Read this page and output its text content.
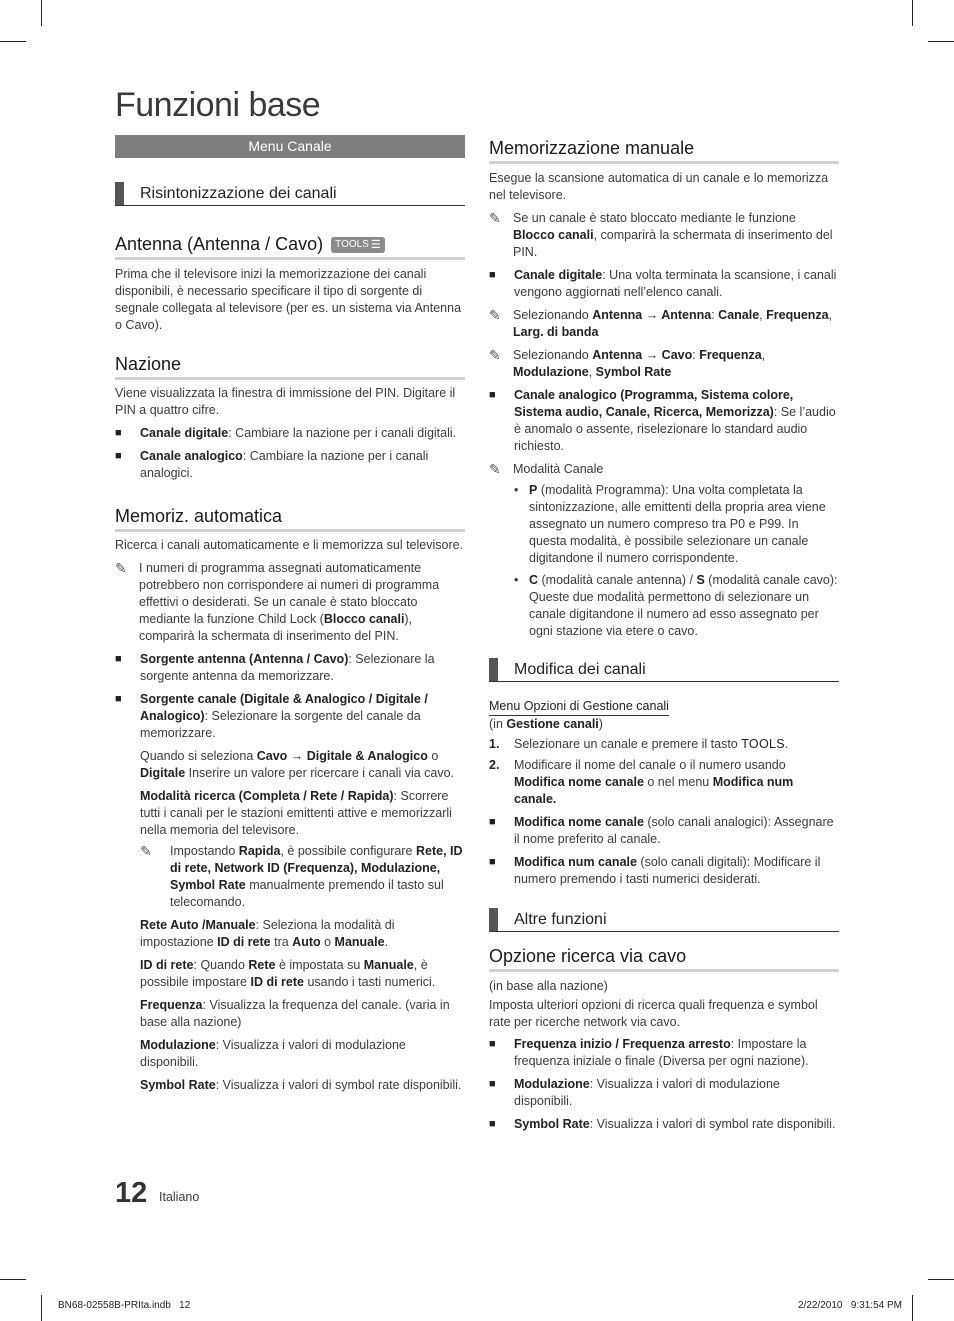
Funzioni base
Menu Canale
Risintonizzazione dei canali
Antenna (Antenna / Cavo) TOOLS ☰

Prima che il televisore inizi la memorizzazione dei canali disponibili, è necessario specificare il tipo di sorgente di segnale collegata al televisore (per es. un sistema via Antenna o Cavo).

Nazione

Viene visualizzata la finestra di immissione del PIN. Digitare il PIN a quattro cifre.

■	Canale digitale: Cambiare la nazione per i canali digitali.
■	Canale analogico: Cambiare la nazione per i canali analogici.
Memoriz. automatica

Ricerca i canali automaticamente e li memorizza sul televisore.

✎ I numeri di programma assegnati automaticamente potrebbero non corrispondere ai numeri di programma effettivi o desiderati. Se un canale è stato bloccato mediante la funzione Child Lock (Blocco canali), comparirà la schermata di inserimento del PIN.
■	Sorgente antenna (Antenna / Cavo): Selezionare la sorgente antenna da memorizzare.
■	Sorgente canale (Digitale & Analogico / Digitale / Analogico): Selezionare la sorgente del canale da memorizzare.

Quando si seleziona Cavo → Digitale & Analogico o Digitale Inserire un valore per ricercare i canali via cavo.

Modalità ricerca (Completa / Rete / Rapida): Scorrere tutti i canali per le stazioni emittenti attive e memorizzarli nella memoria del televisore.

✎	Impostando Rapida, è possibile configurare Rete, ID di rete, Network ID (Frequenza), Modulazione, Symbol Rate manualmente premendo il tasto sul telecomando.

Rete Auto /Manuale: Seleziona la modalità di impostazione ID di rete tra Auto o Manuale.

ID di rete: Quando Rete è impostata su Manuale, è possibile impostare ID di rete usando i tasti numerici.

Frequenza: Visualizza la frequenza del canale. (varia in base alla nazione)

Modulazione: Visualizza i valori di modulazione disponibili.

Symbol Rate: Visualizza i valori di symbol rate disponibili.

Memorizzazione manuale

Esegue la scansione automatica di un canale e lo memorizza nel televisore.

✎ Se un canale è stato bloccato mediante le funzione Blocco canali, comparirà la schermata di inserimento del PIN.
■	Canale digitale: Una volta terminata la scansione, i canali vengono aggiornati nell’elenco canali.
✎ Selezionando Antenna → Antenna: Canale, Frequenza, Larg. di banda
✎ Selezionando Antenna → Cavo: Frequenza, Modulazione, Symbol Rate
■	Canale analogico (Programma, Sistema colore, Sistema audio, Canale, Ricerca, Memorizza): Se l’audio è anomalo o assente, riselezionare lo standard audio richiesto.
✎ Modalità Canale
• P (modalità Programma): Una volta completata la sintonizzazione, alle emittenti della propria area viene assegnato un numero compreso tra P0 e P99. In questa modalità, è possibile selezionare un canale digitandone il numero corrispondente.
• C (modalità canale antenna) / S (modalità canale cavo): Queste due modalità permettono di selezionare un canale digitandone il numero ad esso assegnato per ogni stazione via etere o cavo.
Modifica dei canali
Menu Opzioni di Gestione canali

(in Gestione canali)

1.	Selezionare un canale e premere il tasto TOOLS.
2.	Modificare il nome del canale o il numero usando Modifica nome canale o nel menu Modifica num canale.
■	Modifica nome canale (solo canali analogici): Assegnare il nome preferito al canale.
■	Modifica num canale (solo canali digitali): Modificare il numero premendo i tasti numerici desiderati.
Altre funzioni
Opzione ricerca via cavo

(in base alla nazione)

Imposta ulteriori opzioni di ricerca quali frequenza e symbol rate per ricerche network via cavo.

■	Frequenza inizio / Frequenza arresto: Impostare la frequenza iniziale o finale (Diversa per ogni nazione).
■	Modulazione: Visualizza i valori di modulazione disponibili.
■	Symbol Rate: Visualizza i valori di symbol rate disponibili.
12 Italiano
BN68-02558B-PRIta.indb   12	2/22/2010   9:31:54 PM
